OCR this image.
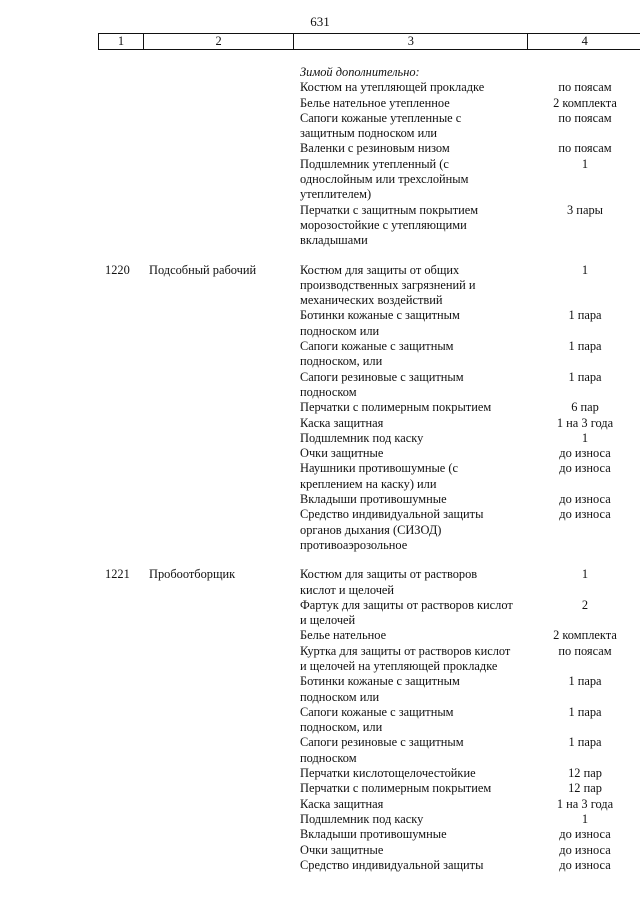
631
1	2	3	4
Зимой дополнительно:
Костюм на утепляющей прокладке	по поясам
Белье нательное утепленное	2 комплекта
Сапоги кожаные утепленные с	по поясам
защитным подноском или
Валенки с резиновым низом	по поясам
Подшлемник утепленный (с	1
однослойным или трехслойным
утеплителем)
Перчатки с защитным покрытием	3 пары
морозостойкие с утепляющими
вкладышами
1220	Подсобный рабочий	Костюм для защиты от общих	1
производственных загрязнений и
механических воздействий
Ботинки кожаные с защитным	1 пара
подноском или
Сапоги кожаные с защитным	1 пара
подноском, или
Сапоги резиновые с защитным	1 пара
подноском
Перчатки с полимерным покрытием	6 пар
Каска защитная	1 на 3 года
Подшлемник под каску	1
Очки защитные	до износа
Наушники противошумные (с	до износа
креплением на каску) или
Вкладыши противошумные	до износа
Средство индивидуальной защиты	до износа
органов дыхания (СИЗОД)
противоаэрозольное
1221	Пробоотборщик	Костюм для защиты от растворов	1
кислот и щелочей
Фартук для защиты от растворов кислот	2
и щелочей
Белье нательное	2 комплекта
Куртка для защиты от растворов кислот	по поясам
и щелочей на утепляющей прокладке
Ботинки кожаные с защитным	1 пара
подноском или
Сапоги кожаные с защитным	1 пара
подноском, или
Сапоги резиновые с защитным	1 пара
подноском
Перчатки кислотощелочестойкие	12 пар
Перчатки с полимерным покрытием	12 пар
Каска защитная	1 на 3 года
Подшлемник под каску	1
Вкладыши противошумные	до износа
Очки защитные	до износа
Средство индивидуальной защиты	до износа
